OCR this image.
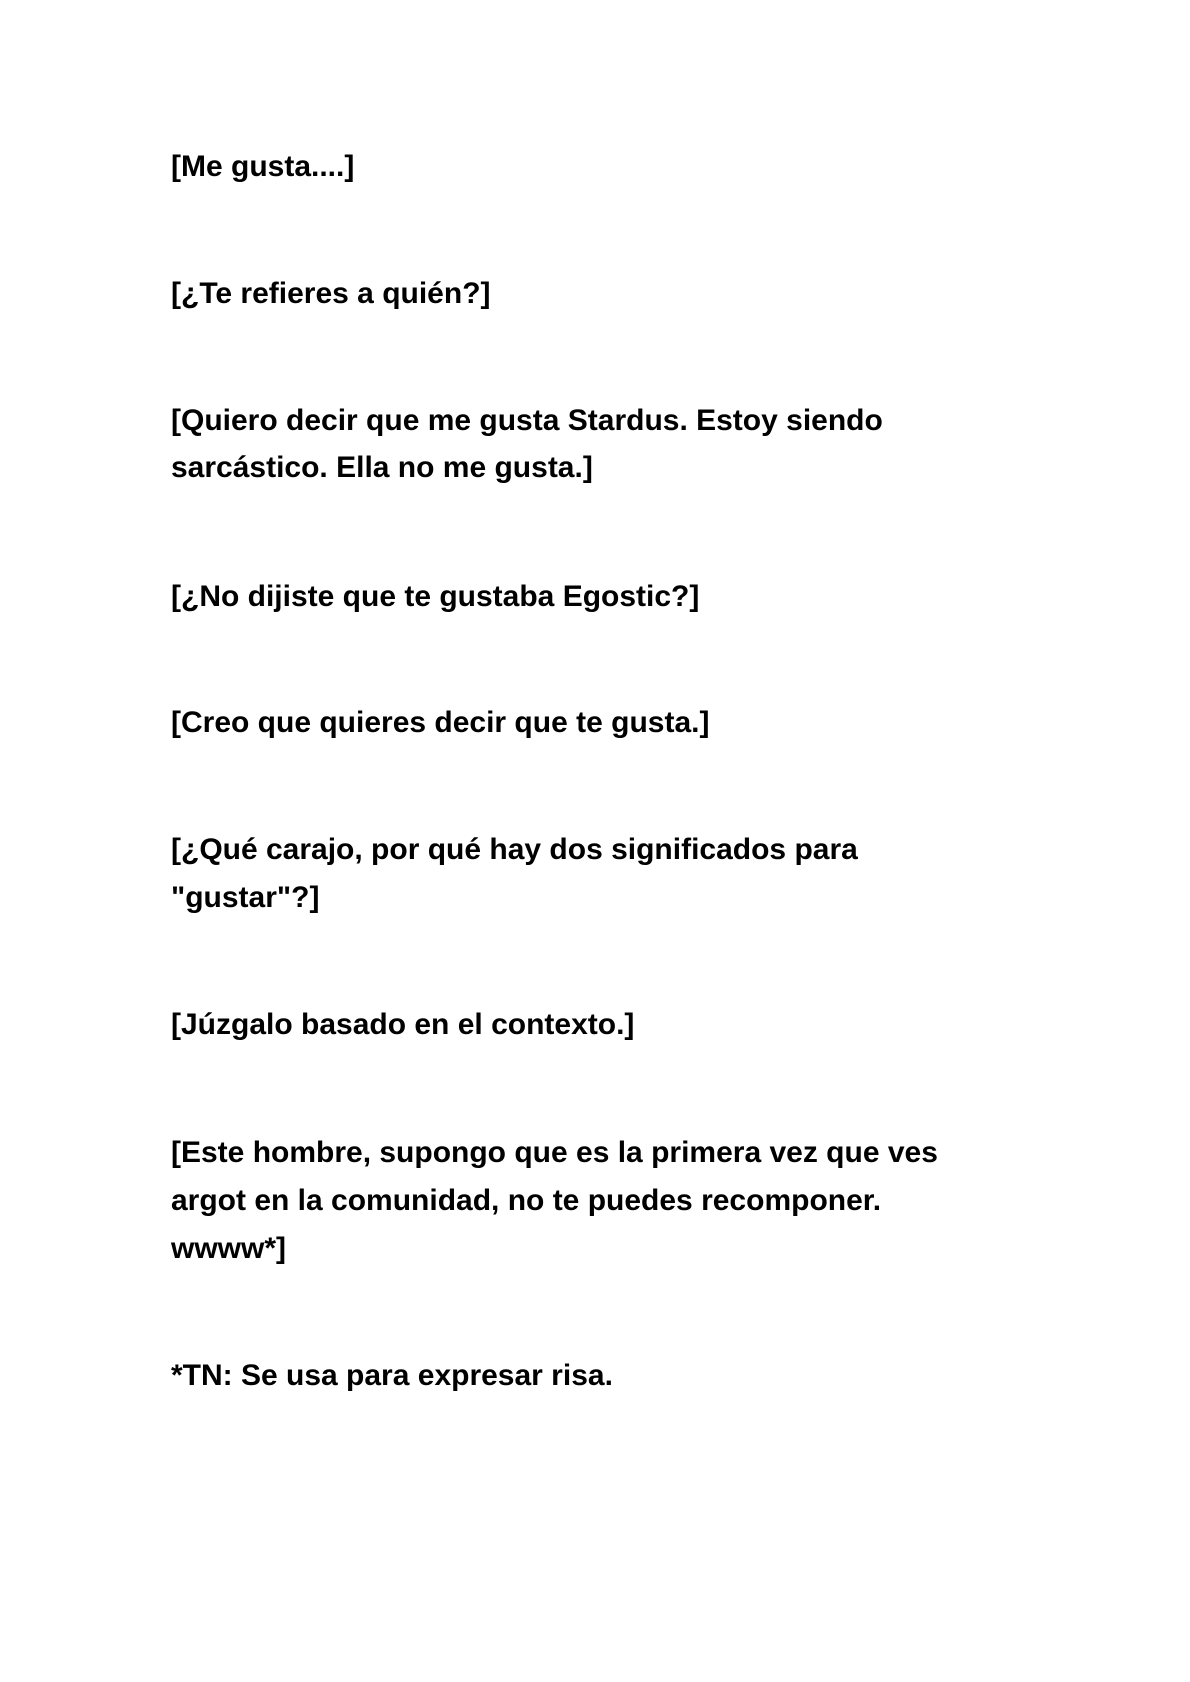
[Me gusta....]

[¿Te refieres a quién?]

[Quiero decir que me gusta Stardus. Estoy siendo

sarcástico. Ella no me gusta.]

[¿No dijiste que te gustaba Egostic?]

[Creo que quieres decir que te gusta.]

[¿Qué carajo, por qué hay dos significados para

"gustar"?]

[Júzgalo basado en el contexto.]

[Este hombre, supongo que es la primera vez que ves

argot en la comunidad, no te puedes recomponer.

wwww*]

*TN: Se usa para expresar risa.
